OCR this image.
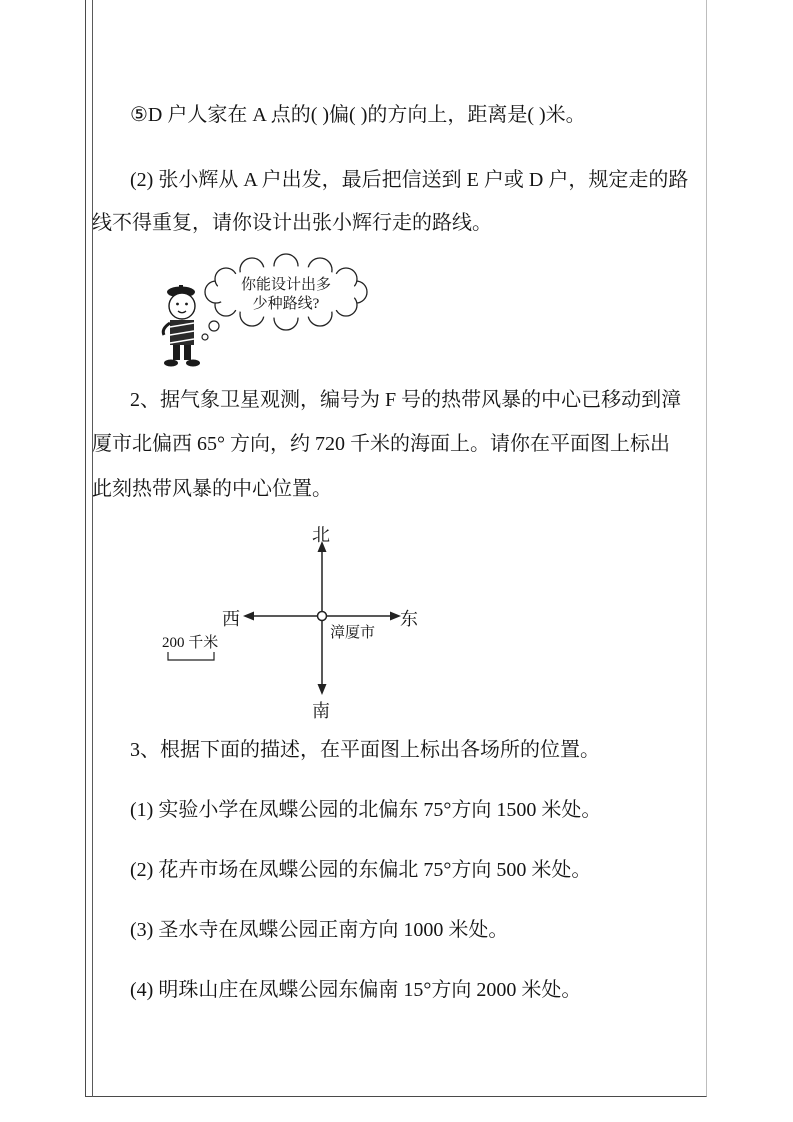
⑤D 户人家在 A 点的( )偏( )的方向上，距离是( )米。

(2) 张小辉从 A 户出发，最后把信送到 E 户或 D 户，规定走的路

线不得重复，请你设计出张小辉行走的路线。

你能设计出多
少种路线?

2、据气象卫星观测，编号为 F 号的热带风暴的中心已移动到漳

厦市北偏西 65° 方向，约 720 千米的海面上。请你在平面图上标出

此刻热带风暴的中心位置。

北
南
西	东
漳厦市
200 千米

3、根据下面的描述，在平面图上标出各场所的位置。

(1) 实验小学在凤蝶公园的北偏东 75°方向 1500 米处。

(2) 花卉市场在凤蝶公园的东偏北 75°方向 500 米处。

(3) 圣水寺在凤蝶公园正南方向 1000 米处。

(4) 明珠山庄在凤蝶公园东偏南 15°方向 2000 米处。
